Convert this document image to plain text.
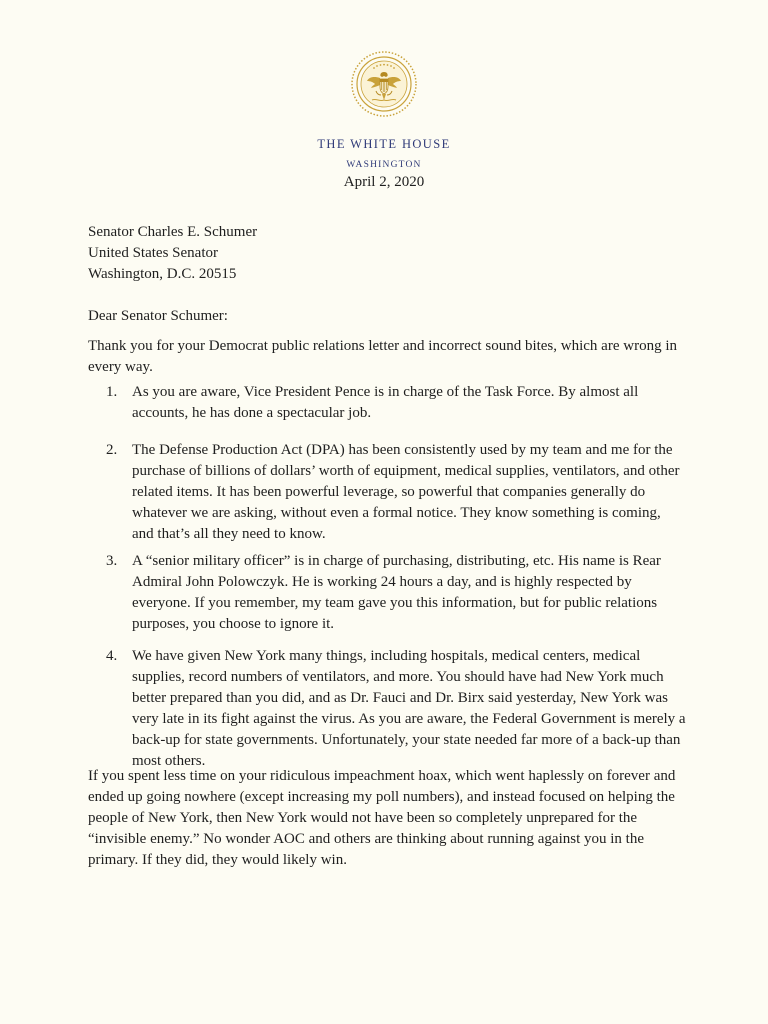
THE WHITE HOUSE
WASHINGTON
April 2, 2020
Senator Charles E. Schumer
United States Senator
Washington, D.C. 20515
Dear Senator Schumer:
Thank you for your Democrat public relations letter and incorrect sound bites, which are wrong in every way.
1. As you are aware, Vice President Pence is in charge of the Task Force. By almost all accounts, he has done a spectacular job.
2. The Defense Production Act (DPA) has been consistently used by my team and me for the purchase of billions of dollars’ worth of equipment, medical supplies, ventilators, and other related items. It has been powerful leverage, so powerful that companies generally do whatever we are asking, without even a formal notice. They know something is coming, and that’s all they need to know.
3. A “senior military officer” is in charge of purchasing, distributing, etc. His name is Rear Admiral John Polowczyk. He is working 24 hours a day, and is highly respected by everyone. If you remember, my team gave you this information, but for public relations purposes, you choose to ignore it.
4. We have given New York many things, including hospitals, medical centers, medical supplies, record numbers of ventilators, and more. You should have had New York much better prepared than you did, and as Dr. Fauci and Dr. Birx said yesterday, New York was very late in its fight against the virus. As you are aware, the Federal Government is merely a back-up for state governments. Unfortunately, your state needed far more of a back-up than most others.
If you spent less time on your ridiculous impeachment hoax, which went haplessly on forever and ended up going nowhere (except increasing my poll numbers), and instead focused on helping the people of New York, then New York would not have been so completely unprepared for the “invisible enemy.” No wonder AOC and others are thinking about running against you in the primary. If they did, they would likely win.
